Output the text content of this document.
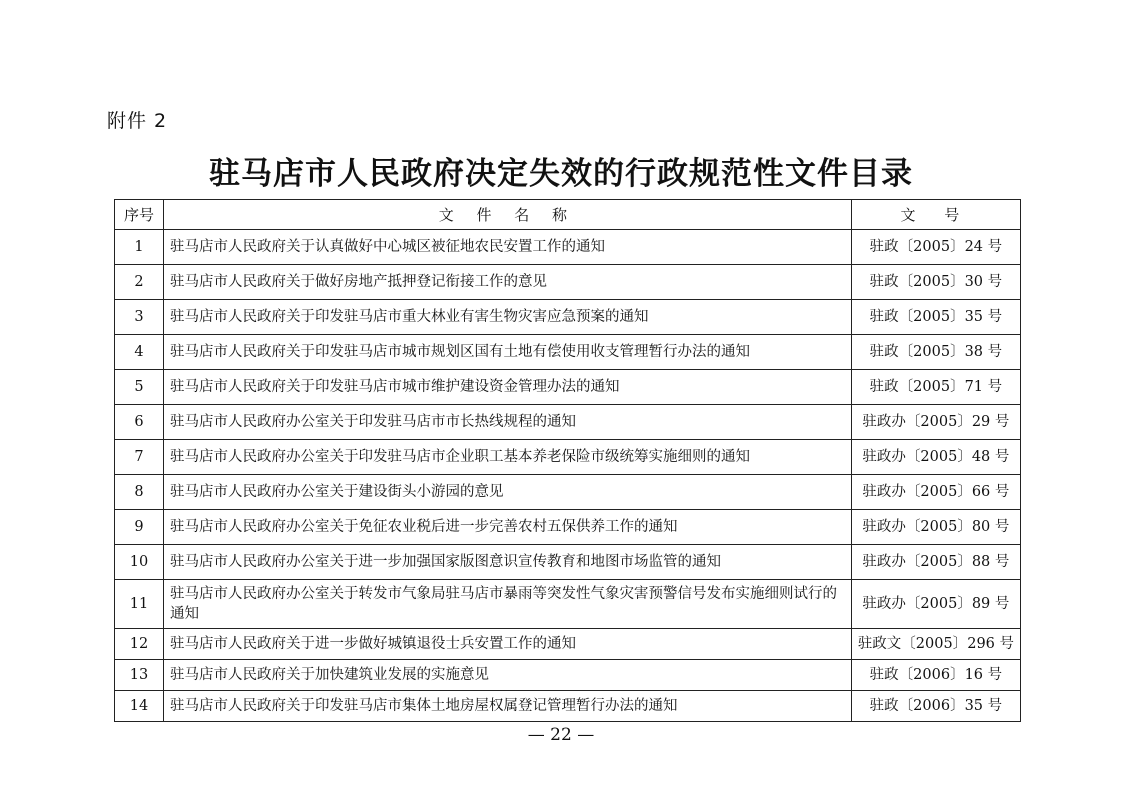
附件 2
驻马店市人民政府决定失效的行政规范性文件目录
序号	文 件 名 称	文 号
1	驻马店市人民政府关于认真做好中心城区被征地农民安置工作的通知	驻政〔2005〕24 号
2	驻马店市人民政府关于做好房地产抵押登记衔接工作的意见	驻政〔2005〕30 号
3	驻马店市人民政府关于印发驻马店市重大林业有害生物灾害应急预案的通知	驻政〔2005〕35 号
4	驻马店市人民政府关于印发驻马店市城市规划区国有土地有偿使用收支管理暂行办法的通知	驻政〔2005〕38 号
5	驻马店市人民政府关于印发驻马店市城市维护建设资金管理办法的通知	驻政〔2005〕71 号
6	驻马店市人民政府办公室关于印发驻马店市市长热线规程的通知	驻政办〔2005〕29 号
7	驻马店市人民政府办公室关于印发驻马店市企业职工基本养老保险市级统筹实施细则的通知	驻政办〔2005〕48 号
8	驻马店市人民政府办公室关于建设街头小游园的意见	驻政办〔2005〕66 号
9	驻马店市人民政府办公室关于免征农业税后进一步完善农村五保供养工作的通知	驻政办〔2005〕80 号
10	驻马店市人民政府办公室关于进一步加强国家版图意识宣传教育和地图市场监管的通知	驻政办〔2005〕88 号
11	驻马店市人民政府办公室关于转发市气象局驻马店市暴雨等突发性气象灾害预警信号发布实施细则试行的通知	驻政办〔2005〕89 号
12	驻马店市人民政府关于进一步做好城镇退役士兵安置工作的通知	驻政文〔2005〕296 号
13	驻马店市人民政府关于加快建筑业发展的实施意见	驻政〔2006〕16 号
14	驻马店市人民政府关于印发驻马店市集体土地房屋权属登记管理暂行办法的通知	驻政〔2006〕35 号
— 22 —
